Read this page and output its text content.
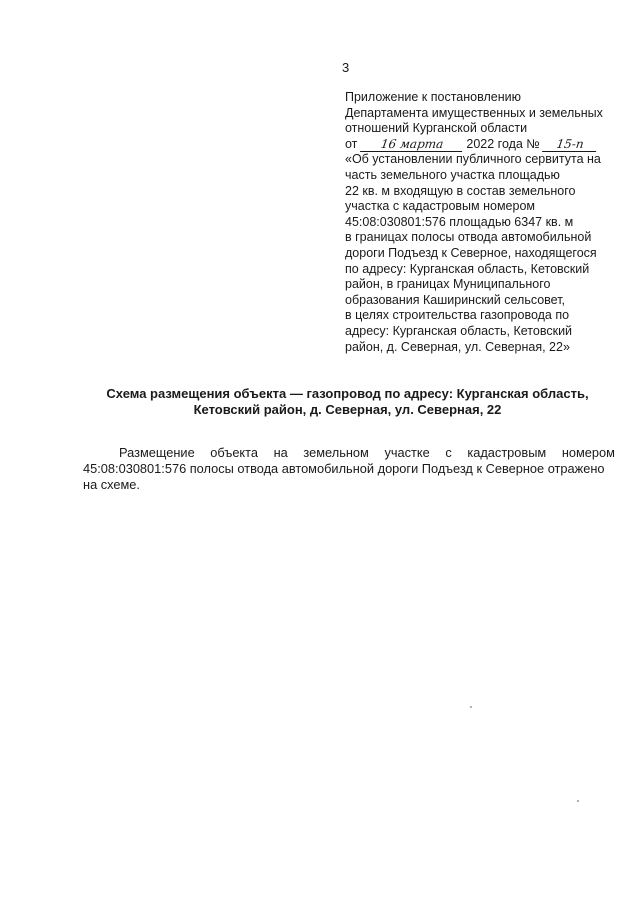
3
Приложение к постановлению
Департамента имущественных и земельных
отношений Курганской области
от 16 марта 2022 года № 15-п
«Об установлении публичного сервитута на
часть земельного участка площадью
22 кв. м входящую в состав земельного
участка с кадастровым номером
45:08:030801:576 площадью 6347 кв. м
в границах полосы отвода автомобильной
дороги Подъезд к Северное, находящегося
по адресу: Курганская область, Кетовский
район, в границах Муниципального
образования Каширинский сельсовет,
в целях строительства газопровода по
адресу: Курганская область, Кетовский
район, д. Северная, ул. Северная, 22»
Схема размещения объекта — газопровод по адресу: Курганская область,
Кетовский район, д. Северная, ул. Северная, 22
Размещение объекта на земельном участке с кадастровым номером
45:08:030801:576 полосы отвода автомобильной дороги Подъезд к Северное отражено
на схеме.
